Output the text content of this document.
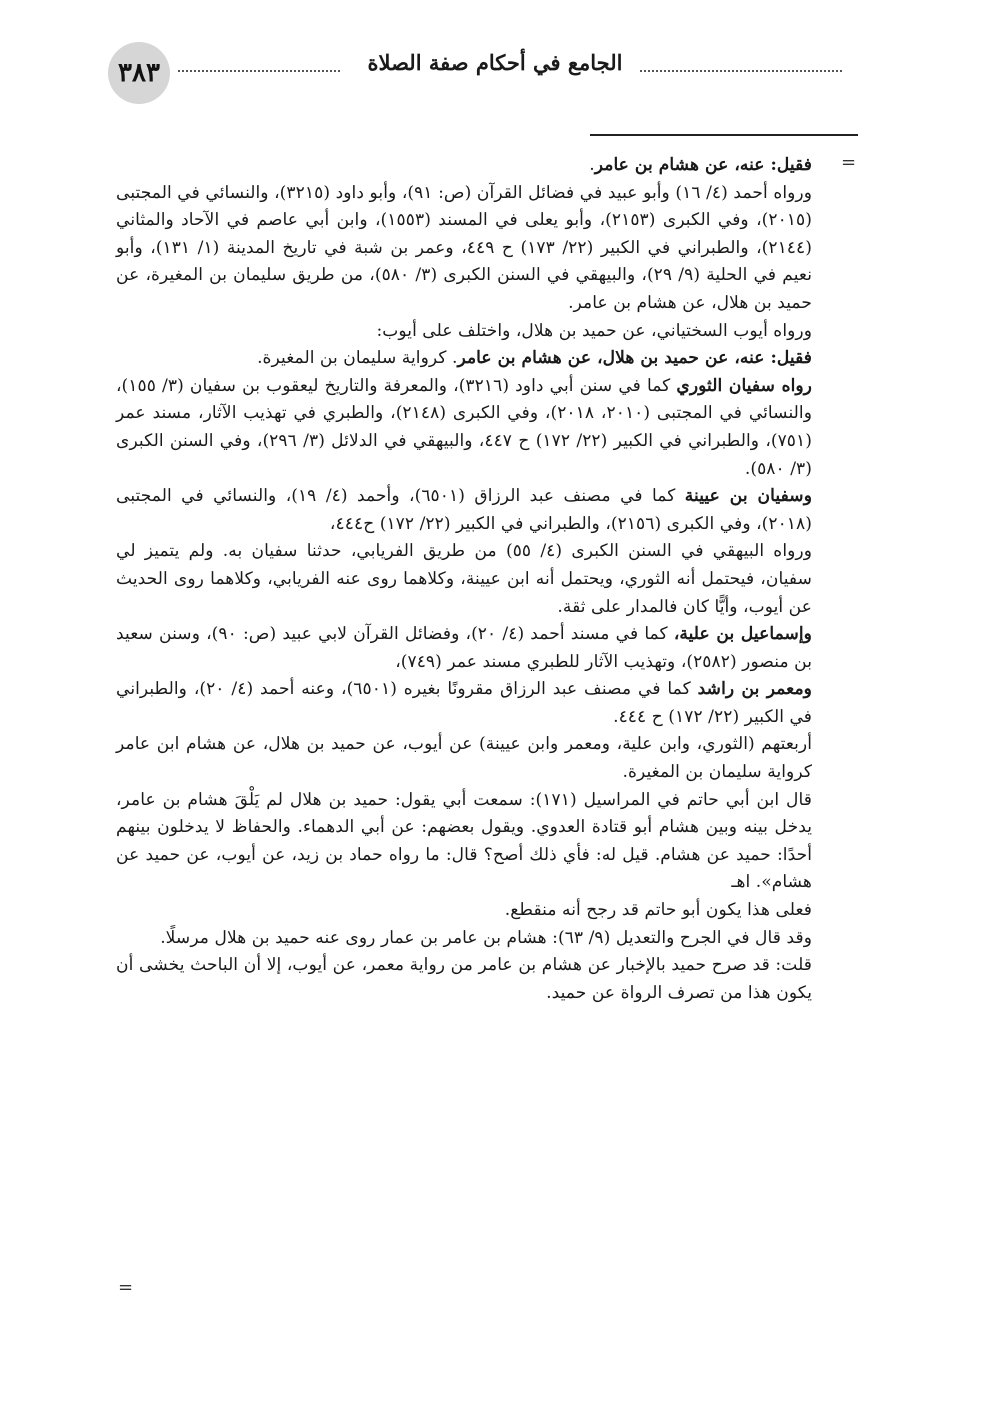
٣٨٣	الجامع في أحكام صفة الصلاة
=

فقيل: عنه، عن هشام بن عامر.

ورواه أحمد (٤/ ١٦) وأبو عبيد في فضائل القرآن (ص: ٩١)، وأبو داود (٣٢١٥)، والنسائي في المجتبى (٢٠١٥)، وفي الكبرى (٢١٥٣)، وأبو يعلى في المسند (١٥٥٣)، وابن أبي عاصم في الآحاد والمثاني (٢١٤٤)، والطبراني في الكبير (٢٢/ ١٧٣) ح ٤٤٩، وعمر بن شبة في تاريخ المدينة (١/ ١٣١)، وأبو نعيم في الحلية (٩/ ٢٩)، والبيهقي في السنن الكبرى (٣/ ٥٨٠)، من طريق سليمان بن المغيرة، عن حميد بن هلال، عن هشام بن عامر.

ورواه أيوب السختياني، عن حميد بن هلال، واختلف على أيوب:

فقيل: عنه، عن حميد بن هلال، عن هشام بن عامر. كرواية سليمان بن المغيرة.

رواه سفيان الثوري كما في سنن أبي داود (٣٢١٦)، والمعرفة والتاريخ ليعقوب بن سفيان (٣/ ١٥٥)، والنسائي في المجتبى (٢٠١٠، ٢٠١٨)، وفي الكبرى (٢١٤٨)، والطبري في تهذيب الآثار، مسند عمر (٧٥١)، والطبراني في الكبير (٢٢/ ١٧٢) ح ٤٤٧، والبيهقي في الدلائل (٣/ ٢٩٦)، وفي السنن الكبرى (٣/ ٥٨٠).

وسفيان بن عيينة كما في مصنف عبد الرزاق (٦٥٠١)، وأحمد (٤/ ١٩)، والنسائي في المجتبى (٢٠١٨)، وفي الكبرى (٢١٥٦)، والطبراني في الكبير (٢٢/ ١٧٢) ح٤٤٤،

ورواه البيهقي في السنن الكبرى (٤/ ٥٥) من طريق الفريابي، حدثنا سفيان به. ولم يتميز لي سفيان، فيحتمل أنه الثوري، ويحتمل أنه ابن عيينة، وكلاهما روى عنه الفريابي، وكلاهما روى الحديث عن أيوب، وأيًّا كان فالمدار على ثقة.

وإسماعيل بن علية، كما في مسند أحمد (٤/ ٢٠)، وفضائل القرآن لابي عبيد (ص: ٩٠)، وسنن سعيد بن منصور (٢٥٨٢)، وتهذيب الآثار للطبري مسند عمر (٧٤٩)،

ومعمر بن راشد كما في مصنف عبد الرزاق مقرونًا بغيره (٦٥٠١)، وعنه أحمد (٤/ ٢٠)، والطبراني في الكبير (٢٢/ ١٧٢) ح ٤٤٤.

أربعتهم (الثوري، وابن علية، ومعمر وابن عيينة) عن أيوب، عن حميد بن هلال، عن هشام ابن عامر كرواية سليمان بن المغيرة.

قال ابن أبي حاتم في المراسيل (١٧١): سمعت أبي يقول: حميد بن هلال لم يَلْقَ هشام بن عامر، يدخل بينه وبين هشام أبو قتادة العدوي. ويقول بعضهم: عن أبي الدهماء. والحفاظ لا يدخلون بينهم أحدًا: حميد عن هشام. قيل له: فأي ذلك أصح؟ قال: ما رواه حماد بن زيد، عن أيوب، عن حميد عن هشام». اهـ

فعلى هذا يكون أبو حاتم قد رجح أنه منقطع.

وقد قال في الجرح والتعديل (٩/ ٦٣): هشام بن عامر بن عمار روى عنه حميد بن هلال مرسلًا.

قلت: قد صرح حميد بالإخبار عن هشام بن عامر من رواية معمر، عن أيوب، إلا أن الباحث يخشى أن يكون هذا من تصرف الرواة عن حميد.

=
